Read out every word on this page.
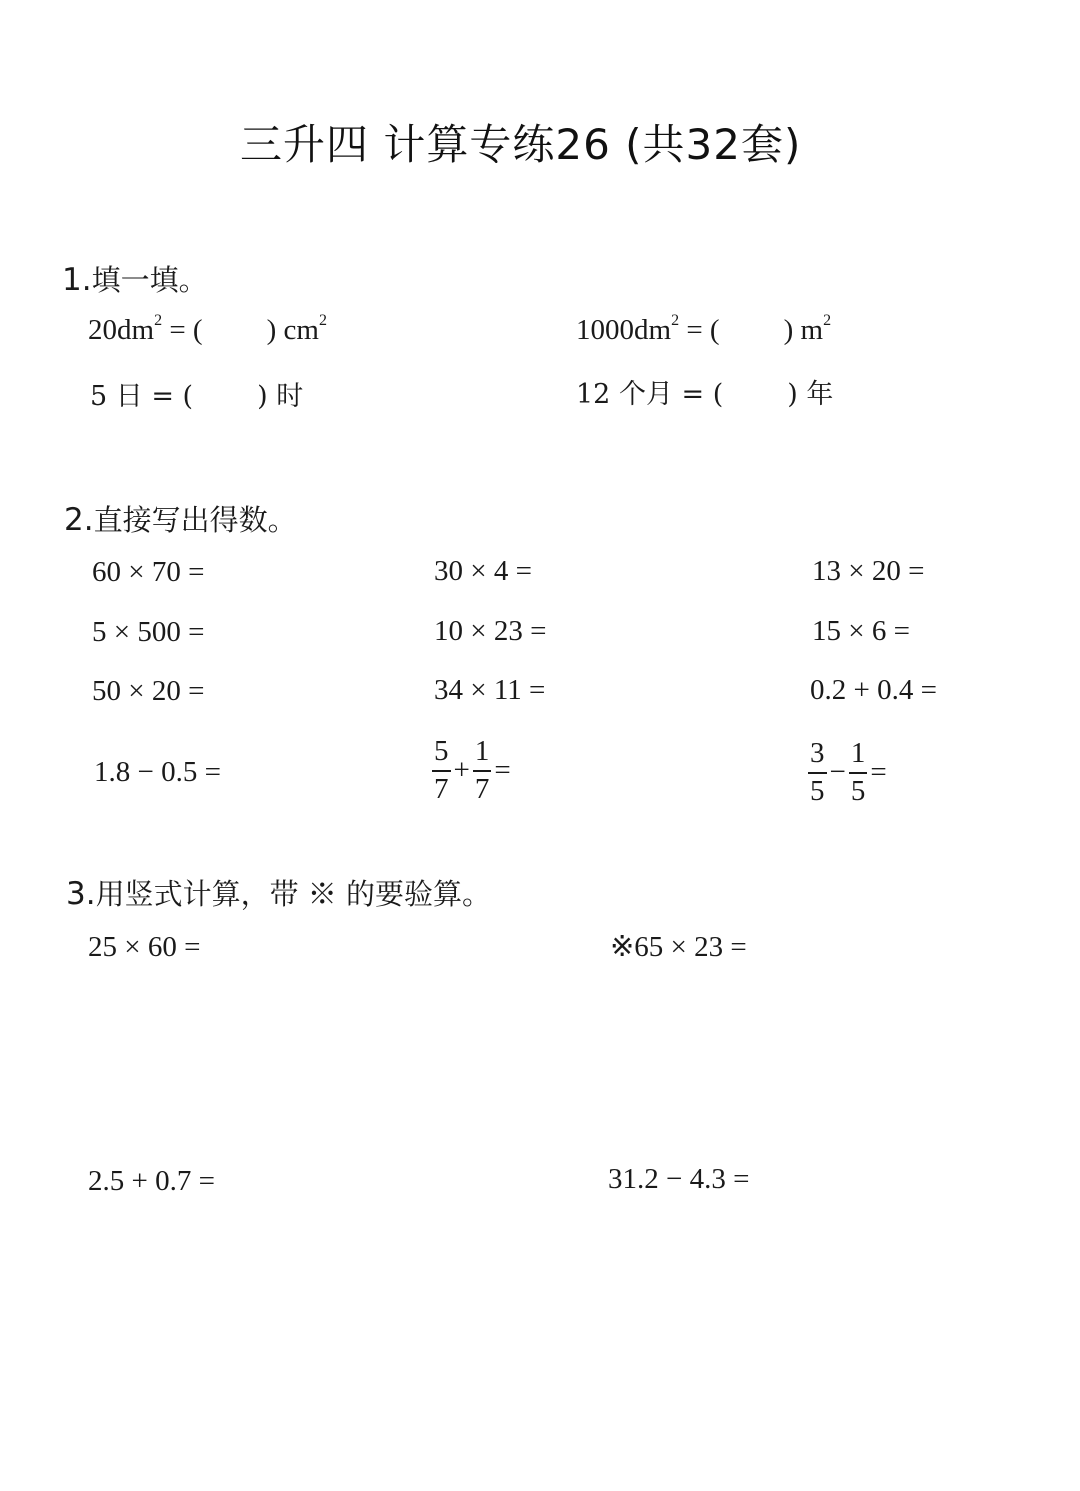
三升四 计算专练26 (共32套)
1.填一填。
$20dm^2$ = ( ) $cm^2$	$1000dm^2$ = ( ) $m^2$
5 日 = ( ) 时	12 个月 = ( ) 年
2.直接写出得数。
60 × 70 =	30 × 4 =	13 × 20 =
5 × 500 =	10 × 23 =	15 × 6 =
50 × 20 =	34 × 11 =	0.2 + 0.4 =
1.8 − 0.5 =	$\frac{5}{7} + \frac{1}{7}$ =	$\frac{3}{5} - \frac{1}{5}$ =
3.用竖式计算，带 ※ 的要验算。
25 × 60 =	※65 × 23 =
2.5 + 0.7 =	31.2 − 4.3 =
